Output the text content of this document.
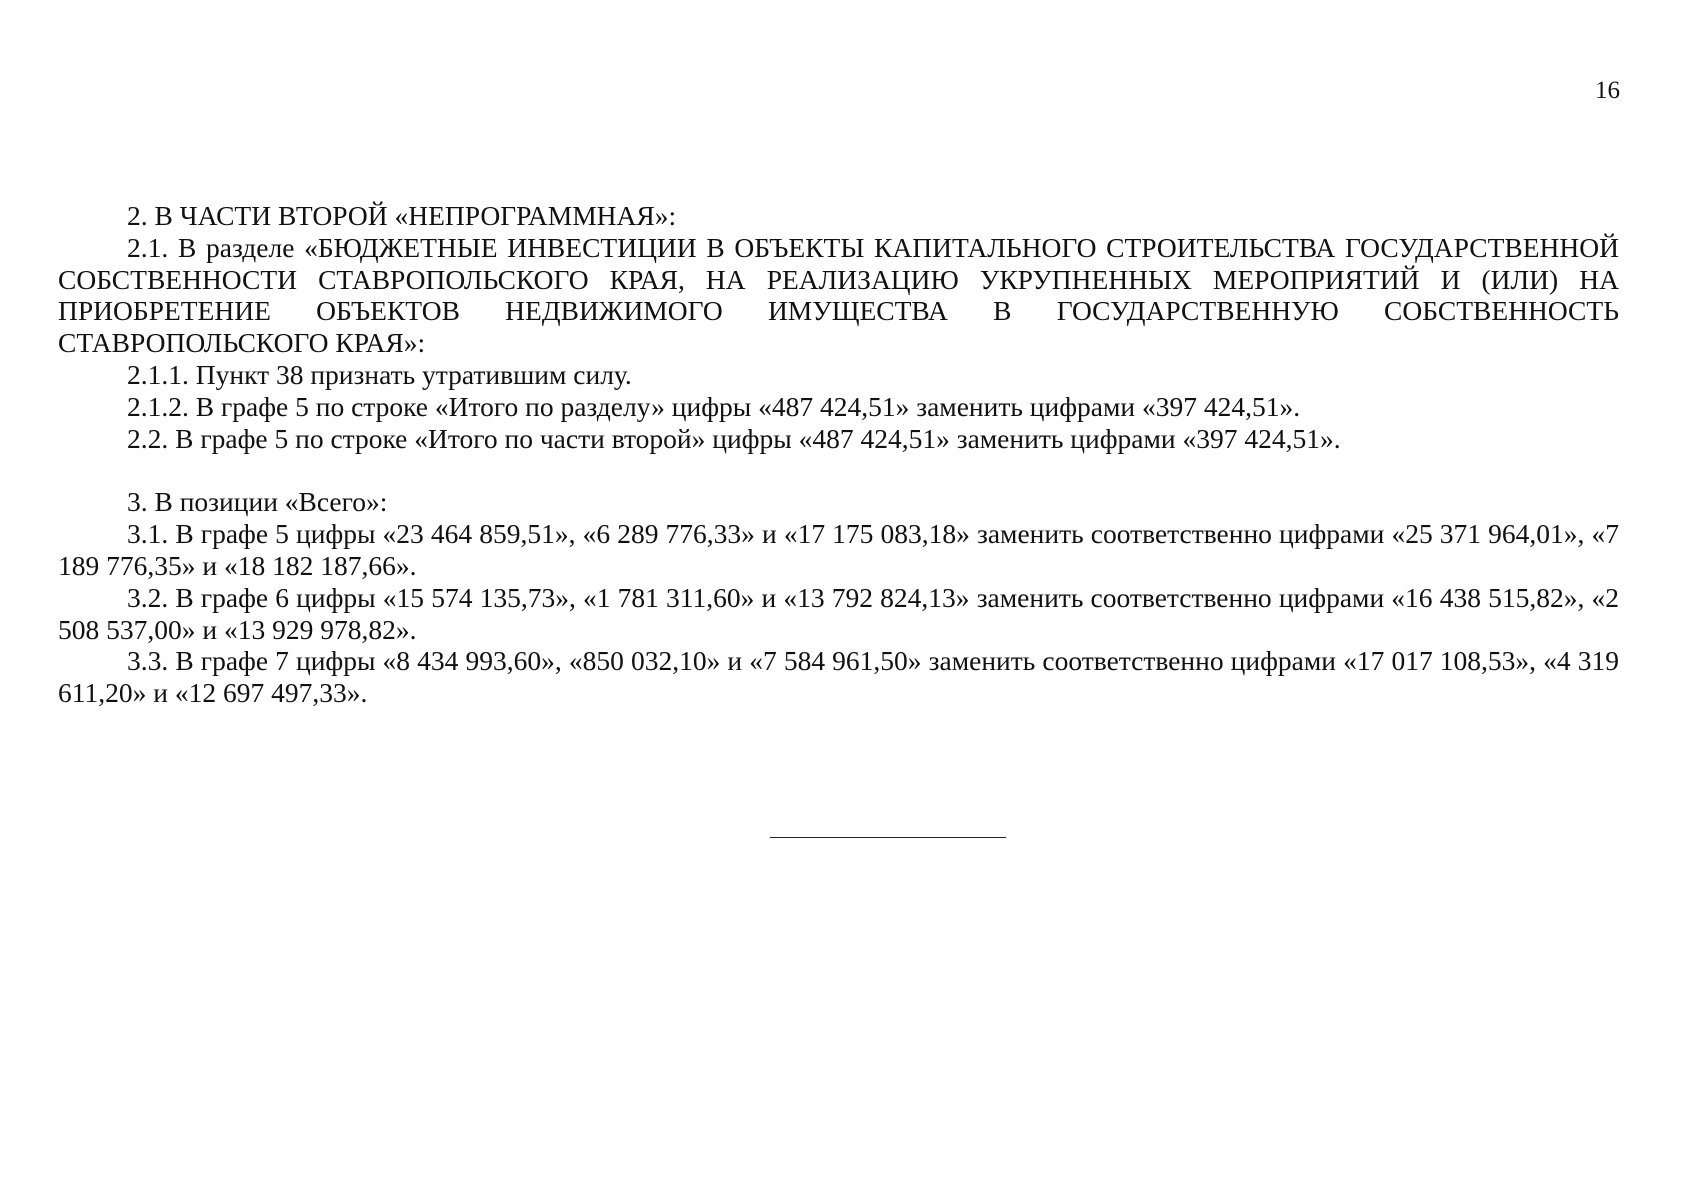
16

2. В ЧАСТИ ВТОРОЙ «НЕПРОГРАММНАЯ»:

2.1. В разделе «БЮДЖЕТНЫЕ ИНВЕСТИЦИИ В ОБЪЕКТЫ КАПИТАЛЬНОГО СТРОИТЕЛЬСТВА ГОСУДАРСТВЕННОЙ СОБСТВЕННОСТИ СТАВРОПОЛЬСКОГО КРАЯ, НА РЕАЛИЗАЦИЮ УКРУПНЕННЫХ МЕРОПРИЯТИЙ И (ИЛИ) НА ПРИОБРЕТЕНИЕ ОБЪЕКТОВ НЕДВИЖИМОГО ИМУЩЕСТВА В ГОСУДАРСТВЕННУЮ СОБСТВЕННОСТЬ СТАВРОПОЛЬСКОГО КРАЯ»:

2.1.1. Пункт 38 признать утратившим силу.

2.1.2. В графе 5 по строке «Итого по разделу» цифры «487 424,51» заменить цифрами «397 424,51».

2.2. В графе 5 по строке «Итого по части второй» цифры «487 424,51» заменить цифрами «397 424,51».

3. В позиции «Всего»:

3.1. В графе 5 цифры «23 464 859,51», «6 289 776,33» и «17 175 083,18» заменить соответственно цифрами «25 371 964,01», «7 189 776,35» и «18 182 187,66».

3.2. В графе 6 цифры «15 574 135,73», «1 781 311,60» и «13 792 824,13» заменить соответственно цифрами «16 438 515,82», «2 508 537,00» и «13 929 978,82».

3.3. В графе 7 цифры «8 434 993,60», «850 032,10» и «7 584 961,50» заменить соответственно цифрами «17 017 108,53», «4 319 611,20» и «12 697 497,33».
